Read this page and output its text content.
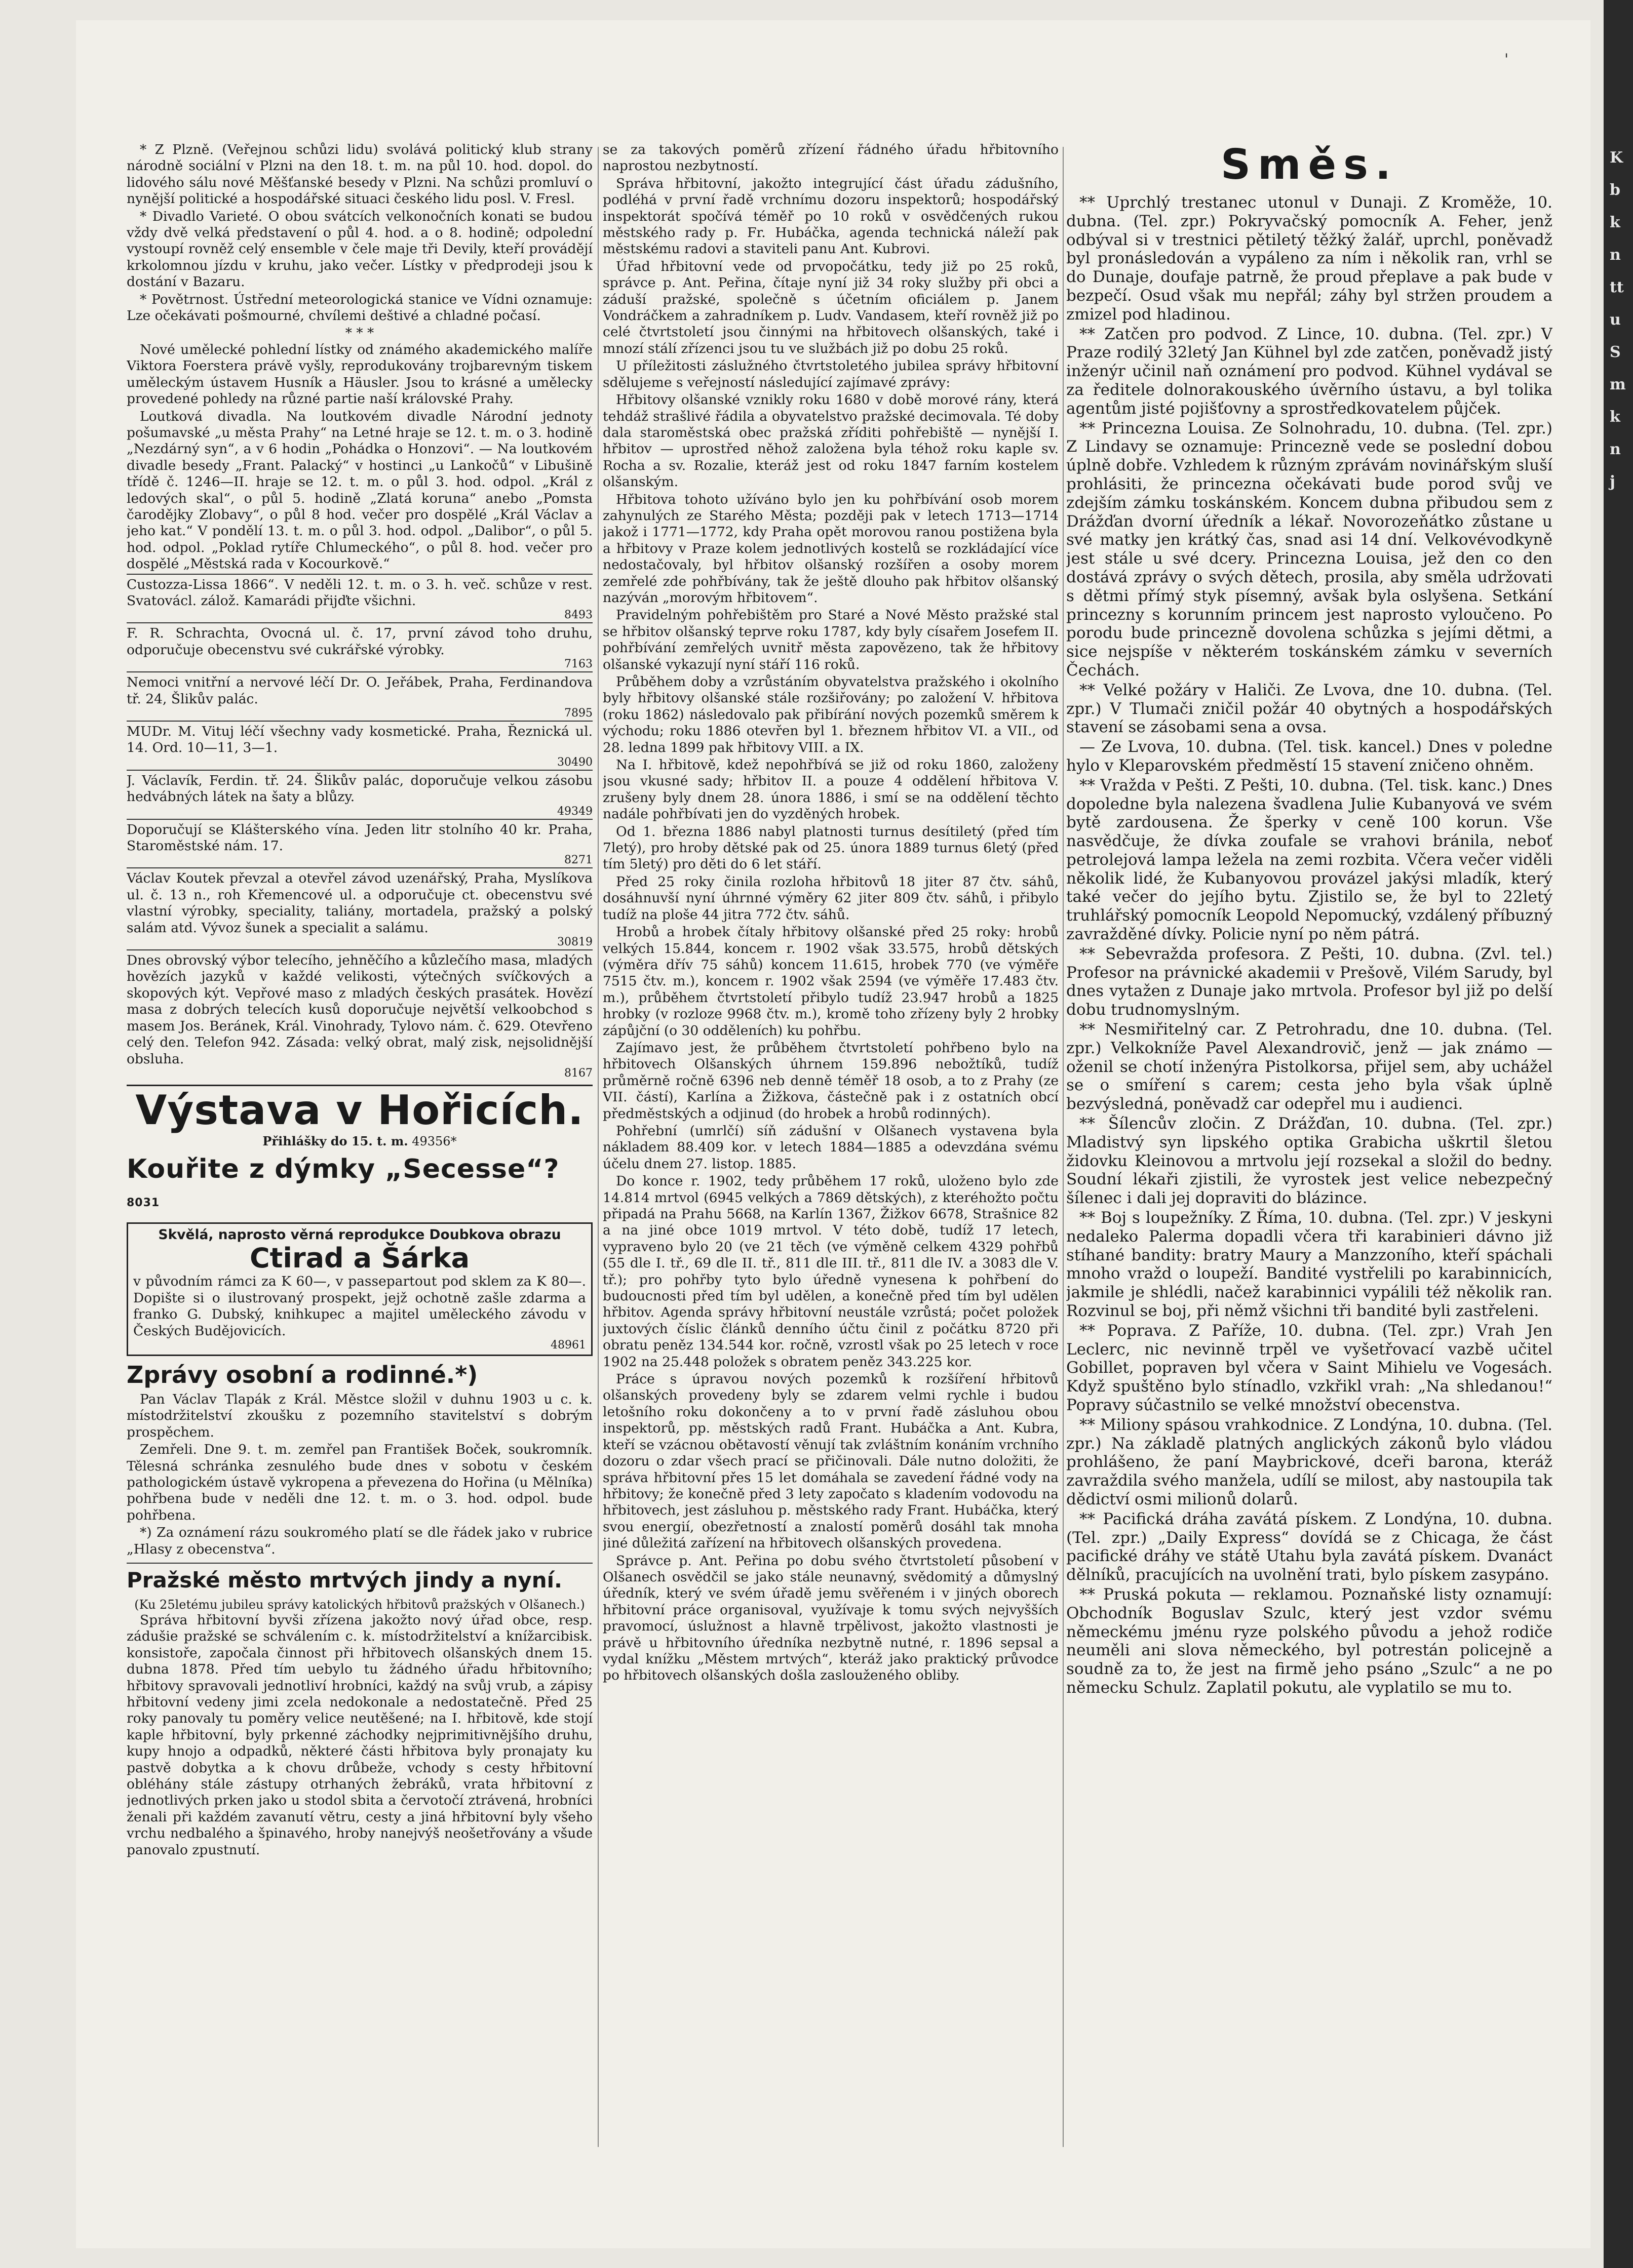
'

* Z Plzně. (Veřejnou schůzi lidu) svolává politický klub strany národně sociální v Plzni na den 18. t. m. na půl 10. hod. dopol. do lidového sálu nové Měšťanské besedy v Plzni. Na schůzi promluví o nynější politické a hospodářské situaci českého lidu posl. V. Fresl.

* Divadlo Varieté. O obou svátcích velkonočních konati se budou vždy dvě velká představení o půl 4. hod. a o 8. hodině; odpolední vystoupí rovněž celý ensemble v čele maje tři Devily, kteří provádějí krkolomnou jízdu v kruhu, jako večer. Lístky v předprodeji jsou k dostání v Bazaru.

* Povětrnost. Ústřední meteorologická stanice ve Vídni oznamuje: Lze očekávati pošmourné, chvílemi deštivé a chladné počasí.

* * *

Nové umělecké pohlední lístky od známého akademického malíře Viktora Foerstera právě vyšly, reprodukovány trojbarevným tiskem uměleckým ústavem Husník a Häusler. Jsou to krásné a umělecky provedené pohledy na různé partie naší královské Prahy.

Loutková divadla. Na loutkovém divadle Národní jednoty pošumavské „u města Prahy“ na Letné hraje se 12. t. m. o 3. hodině „Nezdárný syn“, a v 6 hodin „Pohádka o Honzovi“. — Na loutkovém divadle besedy „Frant. Palacký“ v hostinci „u Lankočů“ v Libušině třídě č. 1246—II. hraje se 12. t. m. o půl 3. hod. odpol. „Král z ledových skal“, o půl 5. hodině „Zlatá koruna“ anebo „Pomsta čarodějky Zlobavy“, o půl 8 hod. večer pro dospělé „Král Václav a jeho kat.“ V pondělí 13. t. m. o půl 3. hod. odpol. „Dalibor“, o půl 5. hod. odpol. „Poklad rytíře Chlumeckého“, o půl 8. hod. večer pro dospělé „Městská rada v Kocourkově.“

Custozza-Lissa 1866“. V neděli 12. t. m. o 3. h. več. schůze v rest. Svatovácl. zálož. Kamarádi přijďte všichni.
8493
F. R. Schrachta, Ovocná ul. č. 17, první závod toho druhu, odporučuje obecenstvu své cukrářské výrobky.
7163
Nemoci vnitřní a nervové léčí Dr. O. Jeřábek, Praha, Ferdinandova tř. 24, Šlikův palác.
7895
MUDr. M. Vituj léčí všechny vady kosmetické. Praha, Řeznická ul. 14. Ord. 10—11, 3—1.
30490
J. Václavík, Ferdin. tř. 24. Šlikův palác, doporučuje velkou zásobu hedvábných látek na šaty a blůzy.
49349
Doporučují se Klášterského vína. Jeden litr stolního 40 kr. Praha, Staroměstské nám. 17.
8271
Václav Koutek převzal a otevřel závod uzenářský, Praha, Myslíkova ul. č. 13 n., roh Křemencové ul. a odporučuje ct. obecenstvu své vlastní výrobky, speciality, taliány, mortadela, pražský a polský salám atd. Vývoz šunek a specialit a salámu.
30819
Dnes obrovský výbor telecího, jehněčího a kůzlečího masa, mladých hovězích jazyků v každé velikosti, výtečných svíčkových a skopových kýt. Vepřové maso z mladých českých prasátek. Hovězí masa z dobrých telecích kusů doporučuje největší velkoobchod s masem Jos. Beránek, Král. Vinohrady, Tylovo nám. č. 629. Otevřeno celý den. Telefon 942. Zásada: velký obrat, malý zisk, nejsolidnější obsluha.
8167
Výstava v Hořicích.
Přihlášky do 15. t. m. 49356*
Kouřite z dýmky „Secesse“? 8031
Skvělá, naprosto věrná reprodukce Doubkova obrazu
Ctirad a Šárka
v původním rámci za K 60—, v passepartout pod sklem za K 80—. Dopište si o ilustrovaný prospekt, jejž ochotně zašle zdarma a franko G. Dubský, knihkupec a majitel uměleckého závodu v Českých Budějovicích.
48961
Zprávy osobní a rodinné.*)

Pan Václav Tlapák z Král. Městce složil v duhnu 1903 u c. k. místodržitelství zkoušku z pozemního stavitelství s dobrým prospěchem.

Zemřeli. Dne 9. t. m. zemřel pan František Boček, soukromník. Tělesná schránka zesnulého bude dnes v sobotu v českém pathologickém ústavě vykropena a převezena do Hořina (u Mělníka) pohřbena bude v neděli dne 12. t. m. o 3. hod. odpol. bude pohřbena.

*) Za oznámení rázu soukromého platí se dle řádek jako v rubrice „Hlasy z obecenstva“.

Pražské město mrtvých jindy a nyní.

(Ku 25letému jubileu správy katolických hřbitovů pražských v Olšanech.)

Správa hřbitovní byvši zřízena jakožto nový úřad obce, resp. zádušie pražské se schválením c. k. místodržitelství a knížarcibisk. konsistoře, započala činnost při hřbitovech olšanských dnem 15. dubna 1878. Před tím uebylo tu žádného úřadu hřbitovního; hřbitovy spravovali jednotliví hrobníci, každý na svůj vrub, a zápisy hřbitovní vedeny jimi zcela nedokonale a nedostatečně. Před 25 roky panovaly tu poměry velice neutěšené; na I. hřbitově, kde stojí kaple hřbitovní, byly prkenné záchodky nejprimitivnějšího druhu, kupy hnojo a odpadků, některé části hřbitova byly pronajaty ku pastvě dobytka a k chovu drůbeže, vchody s cesty hřbitovní obléhány stále zástupy otrhaných žebráků, vrata hřbitovní z jednotlivých prken jako u stodol sbita a červotočí ztrávená, hrobníci ženali při každém zavanutí větru, cesty a jiná hřbitovní byly všeho vrchu nedbalého a špinavého, hroby nanejvýš neošetřovány a všude panovalo zpustnutí.

se za takových poměrů zřízení řádného úřadu hřbitovního naprostou nezbytností.

Správa hřbitovní, jakožto integrující část úřadu zádušního, podléhá v první řadě vrchnímu dozoru inspektorů; hospodářský inspektorát spočívá téměř po 10 roků v osvědčených rukou městského rady p. Fr. Hubáčka, agenda technická náleží pak městskému radovi a staviteli panu Ant. Kubrovi.

Úřad hřbitovní vede od prvopočátku, tedy již po 25 roků, správce p. Ant. Peřina, čítaje nyní již 34 roky služby při obci a záduší pražské, společně s účetním oficiálem p. Janem Vondráčkem a zahradníkem p. Ludv. Vandasem, kteří rovněž již po celé čtvrtstoletí jsou činnými na hřbitovech olšanských, také i mnozí stálí zřízenci jsou tu ve službách již po dobu 25 roků.

U příležitosti záslužného čtvrtstoletého jubilea správy hřbitovní sdělujeme s veřejností následující zajímavé zprávy:

Hřbitovy olšanské vznikly roku 1680 v době morové rány, která tehdáž strašlivé řádila a obyvatelstvo pražské decimovala. Té doby dala staroměstská obec pražská zříditi pohřebiště — nynější I. hřbitov — uprostřed něhož založena byla téhož roku kaple sv. Rocha a sv. Rozalie, kteráž jest od roku 1847 farním kostelem olšanským.

Hřbitova tohoto užíváno bylo jen ku pohřbívání osob morem zahynulých ze Starého Města; později pak v letech 1713—1714 jakož i 1771—1772, kdy Praha opět morovou ranou postižena byla a hřbitovy v Praze kolem jednotlivých kostelů se rozkládající více nedostačovaly, byl hřbitov olšanský rozšířen a osoby morem zemřelé zde pohřbívány, tak že ještě dlouho pak hřbitov olšanský nazýván „morovým hřbitovem“.

Pravidelným pohřebištěm pro Staré a Nové Město pražské stal se hřbitov olšanský teprve roku 1787, kdy byly císařem Josefem II. pohřbívání zemřelých uvnitř města zapovězeno, tak že hřbitovy olšanské vykazují nyní stáří 116 roků.

Průběhem doby a vzrůstáním obyvatelstva pražského i okolního byly hřbitovy olšanské stále rozšiřovány; po založení V. hřbitova (roku 1862) následovalo pak přibírání nových pozemků směrem k východu; roku 1886 otevřen byl 1. březnem hřbitov VI. a VII., od 28. ledna 1899 pak hřbitovy VIII. a IX.

Na I. hřbitově, kdež nepohřbívá se již od roku 1860, založeny jsou vkusné sady; hřbitov II. a pouze 4 oddělení hřbitova V. zrušeny byly dnem 28. února 1886, i smí se na oddělení těchto nadále pohřbívati jen do vyzděných hrobek.

Od 1. března 1886 nabyl platnosti turnus desítiletý (před tím 7letý), pro hroby dětské pak od 25. února 1889 turnus 6letý (před tím 5letý) pro děti do 6 let stáří.

Před 25 roky činila rozloha hřbitovů 18 jiter 87 čtv. sáhů, dosáhnuvší nyní úhrnné výměry 62 jiter 809 čtv. sáhů, i přibylo tudíž na ploše 44 jitra 772 čtv. sáhů.

Hrobů a hrobek čítaly hřbitovy olšanské před 25 roky: hrobů velkých 15.844, koncem r. 1902 však 33.575, hrobů dětských (výměra dřív 75 sáhů) koncem 11.615, hrobek 770 (ve výměře 7515 čtv. m.), koncem r. 1902 však 2594 (ve výměře 17.483 čtv. m.), průběhem čtvrtstoletí přibylo tudíž 23.947 hrobů a 1825 hrobky (v rozloze 9968 čtv. m.), kromě toho zřízeny byly 2 hrobky zápůjční (o 30 odděleních) ku pohřbu.

Zajímavo jest, že průběhem čtvrtstoletí pohřbeno bylo na hřbitovech Olšanských úhrnem 159.896 nebožtíků, tudíž průměrně ročně 6396 neb denně téměř 18 osob, a to z Prahy (ze VII. částí), Karlína a Žižkova, částečně pak i z ostatních obcí předměstských a odjinud (do hrobek a hrobů rodinných).

Pohřební (umrlčí) síň zádušní v Olšanech vystavena byla nákladem 88.409 kor. v letech 1884—1885 a odevzdána svému účelu dnem 27. listop. 1885.

Do konce r. 1902, tedy průběhem 17 roků, uloženo bylo zde 14.814 mrtvol (6945 velkých a 7869 dětských), z kteréhožto počtu připadá na Prahu 5668, na Karlín 1367, Žižkov 6678, Strašnice 82 a na jiné obce 1019 mrtvol. V této době, tudíž 17 letech, vypraveno bylo 20 (ve 21 těch (ve výměně celkem 4329 pohřbů (55 dle I. tř., 69 dle II. tř., 811 dle III. tř., 811 dle IV. a 3083 dle V. tř.); pro pohřby tyto bylo úředně vynesena k pohřbení do budoucnosti před tím byl udělen, a konečně před tím byl udělen hřbitov. Agenda správy hřbitovní neustále vzrůstá; počet položek juxtových číslic článků denního účtu činil z počátku 8720 při obratu peněz 134.544 kor. ročně, vzrostl však po 25 letech v roce 1902 na 25.448 položek s obratem peněz 343.225 kor.

Práce s úpravou nových pozemků k rozšíření hřbitovů olšanských provedeny byly se zdarem velmi rychle i budou letošního roku dokončeny a to v první řadě zásluhou obou inspektorů, pp. městských radů Frant. Hubáčka a Ant. Kubra, kteří se vzácnou obětavostí věnují tak zvláštním konáním vrchního dozoru o zdar všech prací se přičinovali. Dále nutno doložiti, že správa hřbitovní přes 15 let domáhala se zavedení řádné vody na hřbitovy; že konečně před 3 lety započato s kladením vodovodu na hřbitovech, jest zásluhou p. městského rady Frant. Hubáčka, který svou energií, obezřetností a znalostí poměrů dosáhl tak mnoha jiné důležitá zařízení na hřbitovech olšanských provedena.

Správce p. Ant. Peřina po dobu svého čtvrtstoletí působení v Olšanech osvědčil se jako stále neunavný, svědomitý a důmyslný úředník, který ve svém úřadě jemu svěřeném i v jiných oborech hřbitovní práce organisoval, využívaje k tomu svých nejvyšších pravomocí, úslužnost a hlavně trpělivost, jakožto vlastnosti je právě u hřbitovního úředníka nezbytně nutné, r. 1896 sepsal a vydal knížku „Městem mrtvých“, kteráž jako praktický průvodce po hřbitovech olšanských došla zaslouženého obliby.

Směs.

** Uprchlý trestanec utonul v Dunaji. Z Kroměže, 10. dubna. (Tel. zpr.) Pokryvačský pomocník A. Feher, jenž odbýval si v trestnici pětiletý těžký žalář, uprchl, poněvadž byl pronásledován a vypáleno za ním i několik ran, vrhl se do Dunaje, doufaje patrně, že proud přeplave a pak bude v bezpečí. Osud však mu nepřál; záhy byl stržen proudem a zmizel pod hladinou.

** Zatčen pro podvod. Z Lince, 10. dubna. (Tel. zpr.) V Praze rodilý 32letý Jan Kühnel byl zde zatčen, poněvadž jistý inženýr učinil naň oznámení pro podvod. Kühnel vydával se za ředitele dolnorakouského úvěrního ústavu, a byl tolika agentům jisté pojišťovny a sprostředkovatelem půjček.

** Princezna Louisa. Ze Solnohradu, 10. dubna. (Tel. zpr.) Z Lindavy se oznamuje: Princezně vede se poslední dobou úplně dobře. Vzhledem k různým zprávám novinářským sluší prohlásiti, že princezna očekávati bude porod svůj ve zdejším zámku toskánském. Koncem dubna přibudou sem z Drážďan dvorní úředník a lékař. Novorozeňátko zůstane u své matky jen krátký čas, snad asi 14 dní. Velkovévodkyně jest stále u své dcery. Princezna Louisa, jež den co den dostává zprávy o svých dětech, prosila, aby směla udržovati s dětmi přímý styk písemný, avšak byla oslyšena. Setkání princezny s korunním princem jest naprosto vyloučeno. Po porodu bude princezně dovolena schůzka s jejími dětmi, a sice nejspíše v některém toskánském zámku v severních Čechách.

** Velké požáry v Haliči. Ze Lvova, dne 10. dubna. (Tel. zpr.) V Tlumači zničil požár 40 obytných a hospodářských stavení se zásobami sena a ovsa.

— Ze Lvova, 10. dubna. (Tel. tisk. kancel.) Dnes v poledne hylo v Kleparovském předměstí 15 stavení zničeno ohněm.

** Vražda v Pešti. Z Pešti, 10. dubna. (Tel. tisk. kanc.) Dnes dopoledne byla nalezena švadlena Julie Kubanyová ve svém bytě zardousena. Že šperky v ceně 100 korun. Vše nasvědčuje, že dívka zoufale se vrahovi bránila, neboť petrolejová lampa ležela na zemi rozbita. Včera večer viděli několik lidé, že Kubanyovou provázel jakýsi mladík, který také večer do jejího bytu. Zjistilo se, že byl to 22letý truhlářský pomocník Leopold Nepomucký, vzdálený příbuzný zavražděné dívky. Policie nyní po něm pátrá.

** Sebevražda profesora. Z Pešti, 10. dubna. (Zvl. tel.) Profesor na právnické akademii v Prešově, Vilém Sarudy, byl dnes vytažen z Dunaje jako mrtvola. Profesor byl již po delší dobu trudnomyslným.

** Nesmiřitelný car. Z Petrohradu, dne 10. dubna. (Tel. zpr.) Velkokníže Pavel Alexandrovič, jenž — jak známo — oženil se chotí inženýra Pistolkorsa, přijel sem, aby uchážel se o smíření s carem; cesta jeho byla však úplně bezvýsledná, poněvadž car odepřel mu i audienci.

** Šílencův zločin. Z Drážďan, 10. dubna. (Tel. zpr.) Mladistvý syn lipského optika Grabicha uškrtil šletou židovku Kleinovou a mrtvolu její rozsekal a složil do bedny. Soudní lékaři zjistili, že vyrostek jest velice nebezpečný šílenec i dali jej dopraviti do blázince.

** Boj s loupežníky. Z Říma, 10. dubna. (Tel. zpr.) V jeskyni nedaleko Palerma dopadli včera tři karabinieri dávno již stíhané bandity: bratry Maury a Manzzoního, kteří spáchali mnoho vražd o loupeží. Bandité vystřelili po karabinnicích, jakmile je shlédli, načež karabinnici vypálili též několik ran. Rozvinul se boj, při němž všichni tři bandité byli zastřeleni.

** Poprava. Z Paříže, 10. dubna. (Tel. zpr.) Vrah Jen Leclerc, nic nevinně trpěl ve vyšetřovací vazbě učitel Gobillet, popraven byl včera v Saint Mihielu ve Vogesách. Když spuštěno bylo stínadlo, vzkřikl vrah: „Na shledanou!“ Popravy súčastnilo se velké množství obecenstva.

** Miliony spásou vrahkodnice. Z Londýna, 10. dubna. (Tel. zpr.) Na základě platných anglických zákonů bylo vládou prohlášeno, že paní Maybrickové, dceři barona, kteráž zavraždila svého manžela, udílí se milost, aby nastoupila tak dědictví osmi milionů dolarů.

** Pacifická dráha zavátá pískem. Z Londýna, 10. dubna. (Tel. zpr.) „Daily Express“ dovídá se z Chicaga, že část pacifické dráhy ve státě Utahu byla zavátá pískem. Dvanáct dělníků, pracujících na uvolnění trati, bylo pískem zasypáno.

** Pruská pokuta — reklamou. Poznaňské listy oznamují: Obchodník Boguslav Szulc, který jest vzdor svému německému jménu ryze polského původu a jehož rodiče neuměli ani slova německého, byl potrestán policejně a soudně za to, že jest na firmě jeho psáno „Szulc“ a ne po německu Schulz. Zaplatil pokutu, ale vyplatilo se mu to.

K b k n tt u S m k n j
